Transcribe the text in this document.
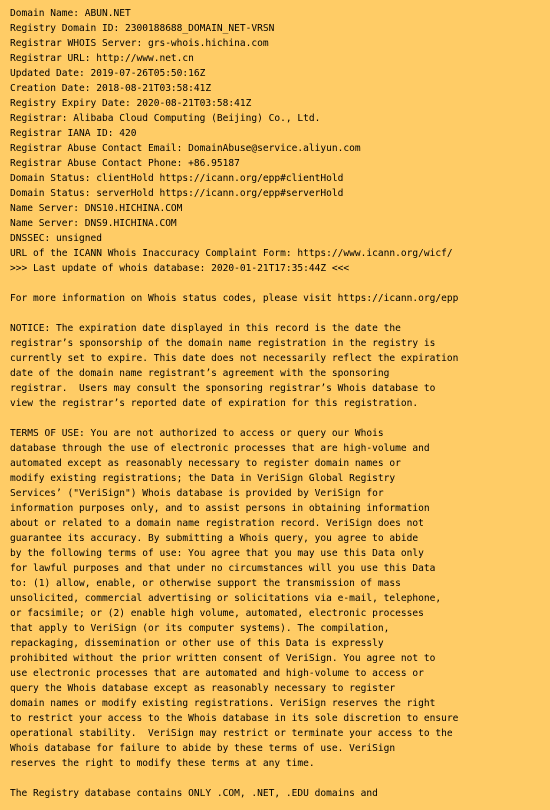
Domain Name: ABUN.NET
Registry Domain ID: 2300188688_DOMAIN_NET-VRSN
Registrar WHOIS Server: grs-whois.hichina.com
Registrar URL: http://www.net.cn
Updated Date: 2019-07-26T05:50:16Z
Creation Date: 2018-08-21T03:58:41Z
Registry Expiry Date: 2020-08-21T03:58:41Z
Registrar: Alibaba Cloud Computing (Beijing) Co., Ltd.
Registrar IANA ID: 420
Registrar Abuse Contact Email: DomainAbuse@service.aliyun.com
Registrar Abuse Contact Phone: +86.95187
Domain Status: clientHold https://icann.org/epp#clientHold
Domain Status: serverHold https://icann.org/epp#serverHold
Name Server: DNS10.HICHINA.COM
Name Server: DNS9.HICHINA.COM
DNSSEC: unsigned
URL of the ICANN Whois Inaccuracy Complaint Form: https://www.icann.org/wicf/
>>> Last update of whois database: 2020-01-21T17:35:44Z <<<
For more information on Whois status codes, please visit https://icann.org/epp
NOTICE: The expiration date displayed in this record is the date the
registrar’s sponsorship of the domain name registration in the registry is
currently set to expire. This date does not necessarily reflect the expiration
date of the domain name registrant’s agreement with the sponsoring
registrar.  Users may consult the sponsoring registrar’s Whois database to
view the registrar’s reported date of expiration for this registration.
TERMS OF USE: You are not authorized to access or query our Whois
database through the use of electronic processes that are high-volume and
automated except as reasonably necessary to register domain names or
modify existing registrations; the Data in VeriSign Global Registry
Services’ ("VeriSign") Whois database is provided by VeriSign for
information purposes only, and to assist persons in obtaining information
about or related to a domain name registration record. VeriSign does not
guarantee its accuracy. By submitting a Whois query, you agree to abide
by the following terms of use: You agree that you may use this Data only
for lawful purposes and that under no circumstances will you use this Data
to: (1) allow, enable, or otherwise support the transmission of mass
unsolicited, commercial advertising or solicitations via e-mail, telephone,
or facsimile; or (2) enable high volume, automated, electronic processes
that apply to VeriSign (or its computer systems). The compilation,
repackaging, dissemination or other use of this Data is expressly
prohibited without the prior written consent of VeriSign. You agree not to
use electronic processes that are automated and high-volume to access or
query the Whois database except as reasonably necessary to register
domain names or modify existing registrations. VeriSign reserves the right
to restrict your access to the Whois database in its sole discretion to ensure
operational stability.  VeriSign may restrict or terminate your access to the
Whois database for failure to abide by these terms of use. VeriSign
reserves the right to modify these terms at any time.
The Registry database contains ONLY .COM, .NET, .EDU domains and
